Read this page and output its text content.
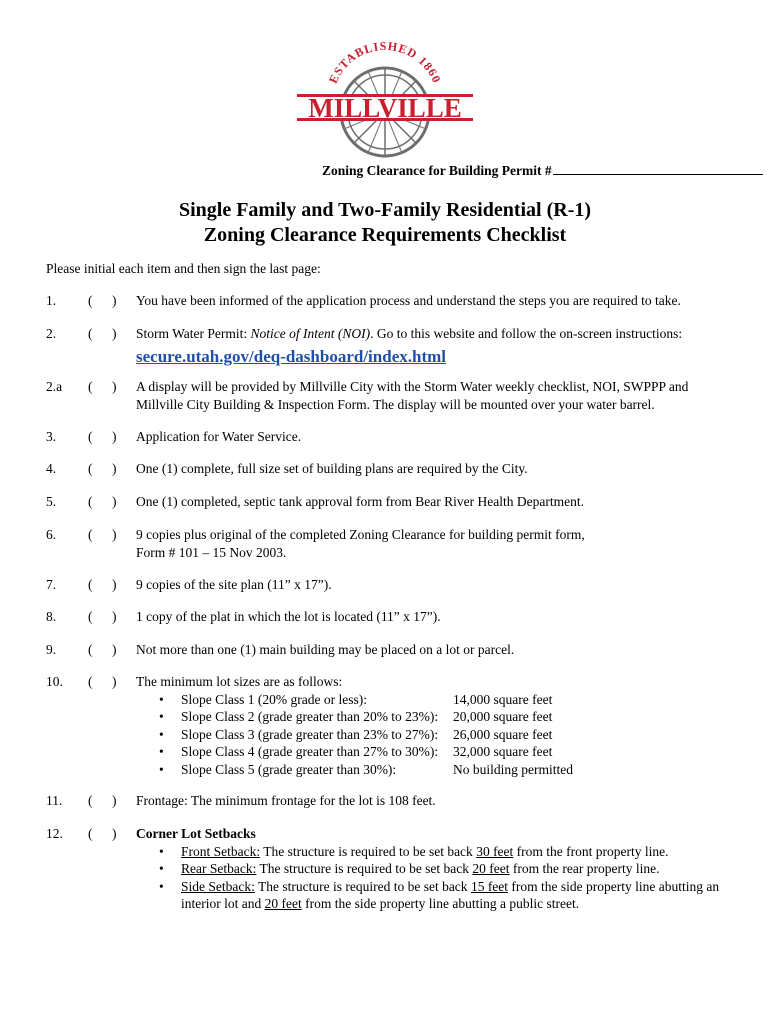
MILLVILLE
ESTABLISHED 1860
Zoning Clearance for Building Permit #
Single Family and Two-Family Residential (R-1)
Zoning Clearance Requirements Checklist
Please initial each item and then sign the last page:
1. ( ) You have been informed of the application process and understand the steps you are required to take.
2. ( ) Storm Water Permit: Notice of Intent (NOI). Go to this website and follow the on-screen instructions:
secure.utah.gov/deq-dashboard/index.html
2.a ( ) A display will be provided by Millville City with the Storm Water weekly checklist, NOI, SWPPP and
Millville City Building & Inspection Form. The display will be mounted over your water barrel.
3. ( ) Application for Water Service.
4. ( ) One (1) complete, full size set of building plans are required by the City.
5. ( ) One (1) completed, septic tank approval form from Bear River Health Department.
6. ( ) 9 copies plus original of the completed Zoning Clearance for building permit form,
Form # 101 – 15 Nov 2003.
7. ( ) 9 copies of the site plan (11” x 17”).
8. ( ) 1 copy of the plat in which the lot is located (11” x 17”).
9. ( ) Not more than one (1) main building may be placed on a lot or parcel.
10. ( ) The minimum lot sizes are as follows:
• Slope Class 1 (20% grade or less):	14,000 square feet
• Slope Class 2 (grade greater than 20% to 23%): 20,000 square feet
• Slope Class 3 (grade greater than 23% to 27%): 26,000 square feet
• Slope Class 4 (grade greater than 27% to 30%): 32,000 square feet
• Slope Class 5 (grade greater than 30%):	No building permitted
11. ( ) Frontage: The minimum frontage for the lot is 108 feet.
12. ( ) Corner Lot Setbacks
• Front Setback: The structure is required to be set back 30 feet from the front property line.
• Rear Setback: The structure is required to be set back 20 feet from the rear property line.
• Side Setback: The structure is required to be set back 15 feet from the side property line abutting an interior lot and 20 feet from the side property line abutting a public street.
